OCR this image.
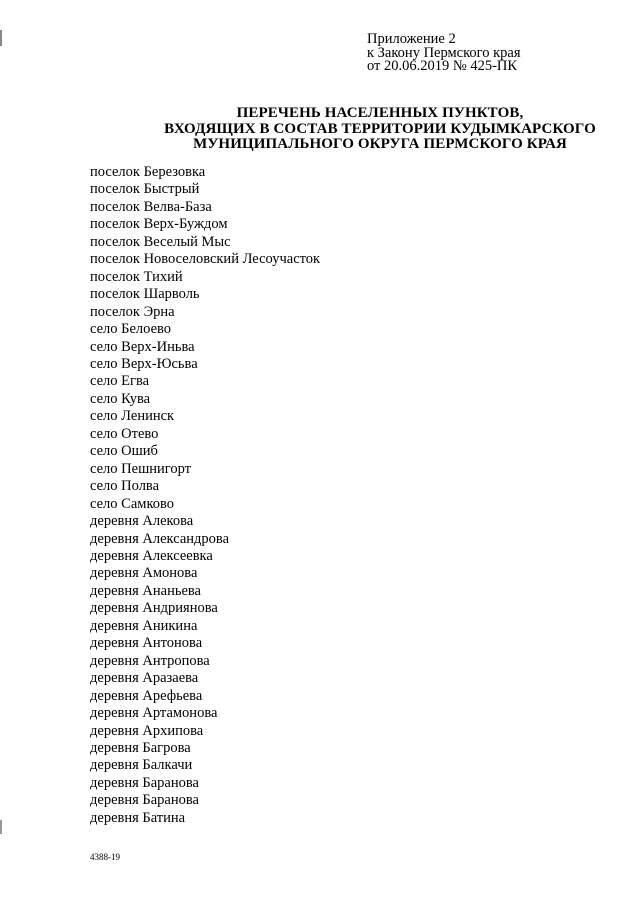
Приложение 2
к Закону Пермского края
от 20.06.2019 № 425-ПК
ПЕРЕЧЕНЬ НАСЕЛЕННЫХ ПУНКТОВ,
ВХОДЯЩИХ В СОСТАВ ТЕРРИТОРИИ КУДЫМКАРСКОГО
МУНИЦИПАЛЬНОГО ОКРУГА ПЕРМСКОГО КРАЯ
поселок Березовка
поселок Быстрый
поселок Велва-База
поселок Верх-Буждом
поселок Веселый Мыс
поселок Новоселовский Лесоучасток
поселок Тихий
поселок Шарволь
поселок Эрна
село Белоево
село Верх-Иньва
село Верх-Юсьва
село Егва
село Кува
село Ленинск
село Отево
село Ошиб
село Пешнигорт
село Полва
село Самково
деревня Алекова
деревня Александрова
деревня Алексеевка
деревня Амонова
деревня Ананьева
деревня Андриянова
деревня Аникина
деревня Антонова
деревня Антропова
деревня Аразаева
деревня Арефьева
деревня Артамонова
деревня Архипова
деревня Багрова
деревня Балкачи
деревня Баранова
деревня Баранова
деревня Батина
4388-19
